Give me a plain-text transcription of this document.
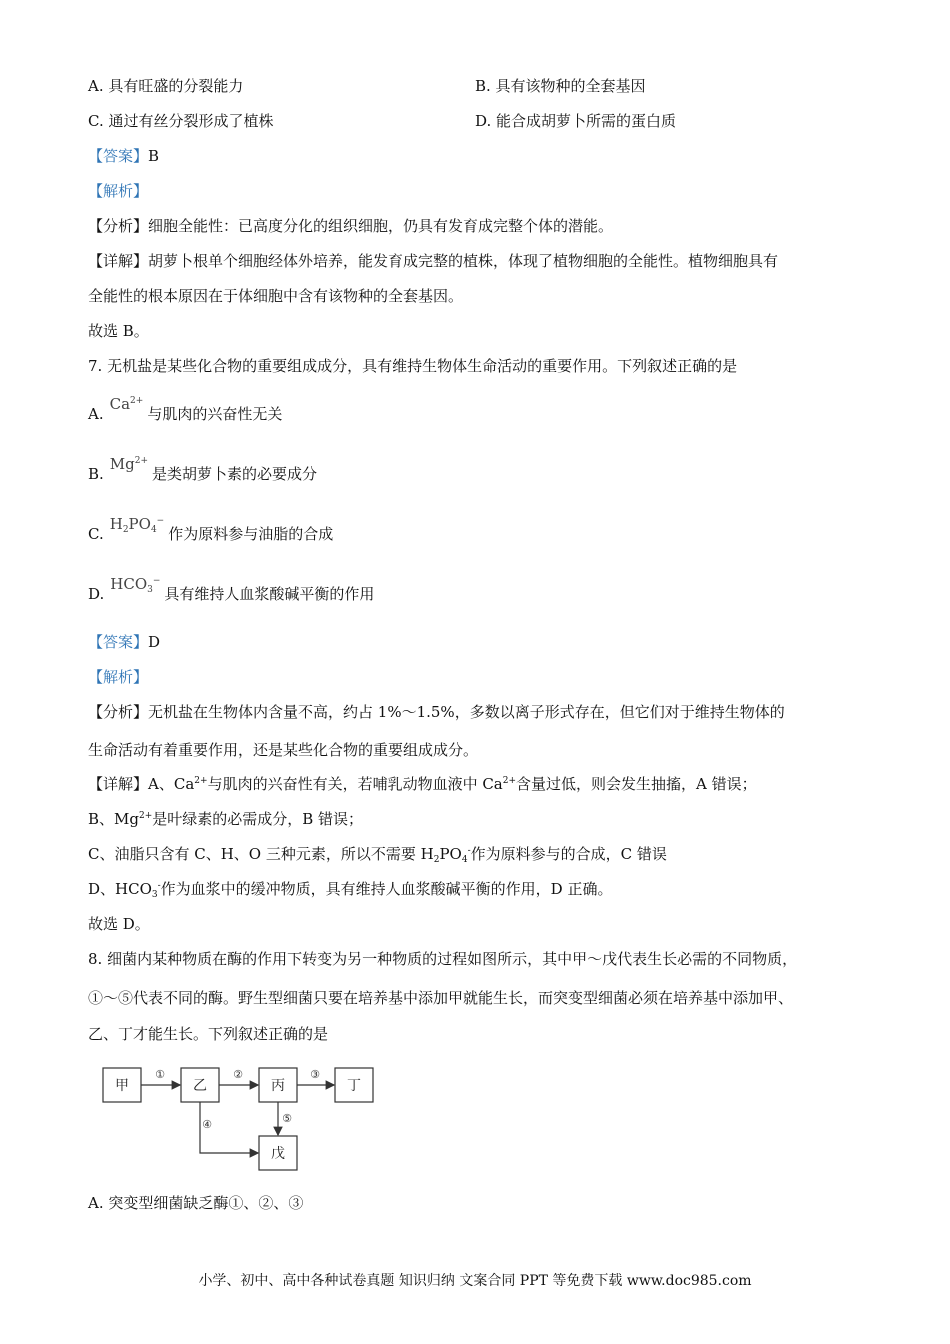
A. 具有旺盛的分裂能力	B. 具有该物种的全套基因
C. 通过有丝分裂形成了植株	D. 能合成胡萝卜所需的蛋白质
【答案】B
【解析】
【分析】细胞全能性：已高度分化的组织细胞，仍具有发育成完整个体的潜能。
【详解】胡萝卜根单个细胞经体外培养，能发育成完整的植株，体现了植物细胞的全能性。植物细胞具有
全能性的根本原因在于体细胞中含有该物种的全套基因。
故选 B。
7. 无机盐是某些化合物的重要组成成分，具有维持生物体生命活动的重要作用。下列叙述正确的是
$A.Ca^{2+}$与肌肉的兴奋性无关
$B.Mg^{2+}$是类胡萝卜素的必要成分
$C.H_2PO_4^-$作为原料参与油脂的合成
$D.HCO_3^-$具有维持人血浆酸碱平衡的作用
【答案】D
【解析】
【分析】无机盐在生物体内含量不高，约占 1%～1.5%，多数以离子形式存在，但它们对于维持生物体的
生命活动有着重要作用，还是某些化合物的重要组成成分。
【详解】A、$Ca^{2+}$与肌肉的兴奋性有关，若哺乳动物血液中 $Ca^{2+}$含量过低，则会发生抽搐，A 错误；
B、$Mg^{2+}$是叶绿素的必需成分，B 错误；
C、油脂只含有 C、H、O 三种元素，所以不需要 $H_2PO_4^-$作为原料参与的合成，C 错误
D、$HCO_3^-$作为血浆中的缓冲物质，具有维持人血浆酸碱平衡的作用，D 正确。
故选 D。
8. 细菌内某种物质在酶的作用下转变为另一种物质的过程如图所示，其中甲～戊代表生长必需的不同物质，
①～⑤代表不同的酶。野生型细菌只要在培养基中添加甲就能生长，而突变型细菌必须在培养基中添加甲、
乙、丁才能生长。下列叙述正确的是
甲	乙	丙	丁
戊
①	②	③
④	⑤
A. 突变型细菌缺乏酶①、②、③
小学、初中、高中各种试卷真题 知识归纳 文案合同 PPT 等免费下载 www.doc985.com
